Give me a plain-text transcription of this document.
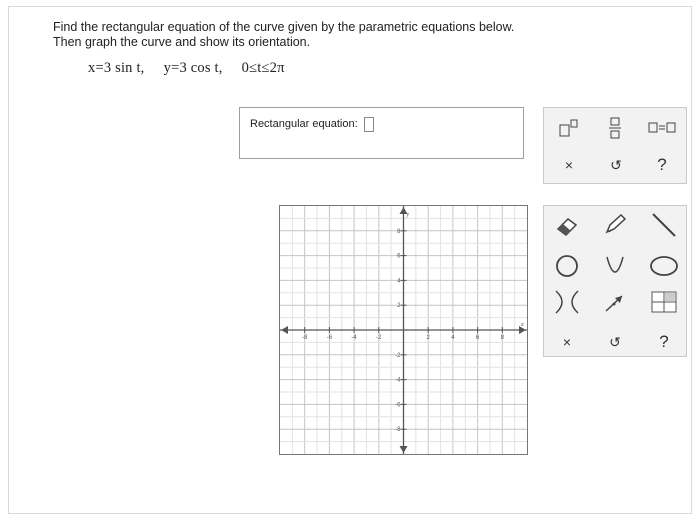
Find the rectangular equation of the curve given by the parametric equations below.
Then graph the curve and show its orientation.
x=3 sin t,     y=3 cos t,     0≤t≤2π
Rectangular equation:
×	↺	?
x
y
-8	-6	-4	-2	2	4	6	8
8
6
4
2
-2
-4
-6
-8
×	↺	?
